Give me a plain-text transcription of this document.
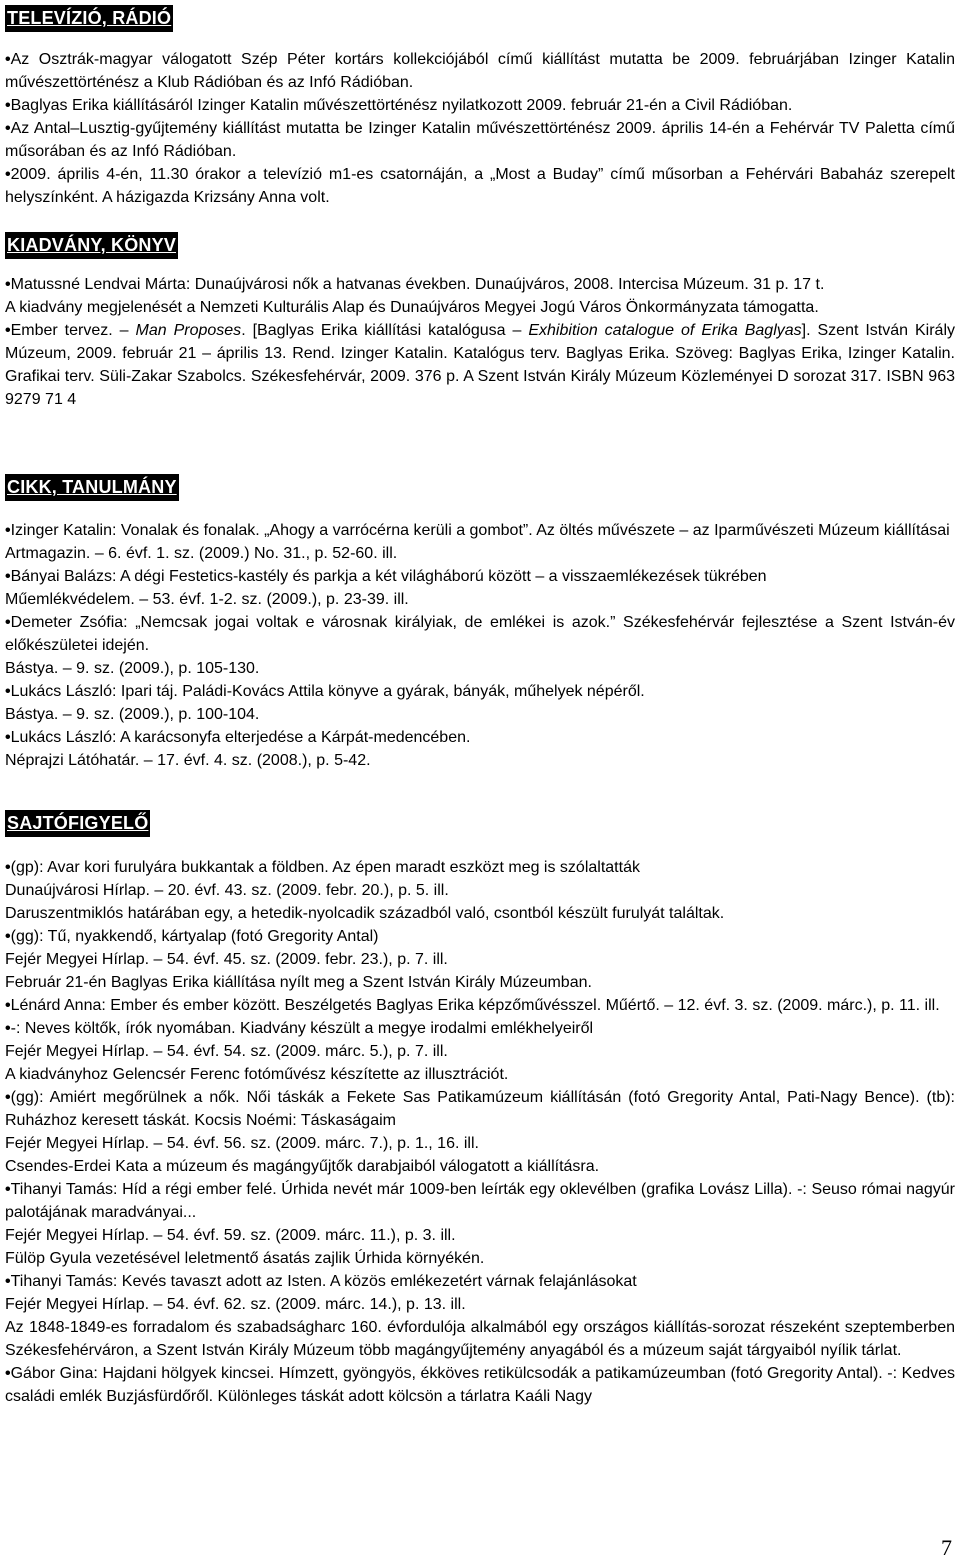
TELEVÍZIÓ, RÁDIÓ

• Az Osztrák-magyar válogatott Szép Péter kortárs kollekciójából című kiállítást mutatta be 2009. februárjában Izinger Katalin művészettörténész a Klub Rádióban és az Infó Rádióban.

• Baglyas Erika kiállításáról Izinger Katalin művészettörténész nyilatkozott 2009. február 21-én a Civil Rádióban.

• Az Antal–Lusztig-gyűjtemény kiállítást mutatta be Izinger Katalin művészettörténész 2009. április 14-én a Fehérvár TV Paletta című műsorában és az Infó Rádióban.

• 2009. április 4-én, 11.30 órakor a televízió m1-es csatornáján, a „Most a Buday” című műsorban a Fehérvári Babaház szerepelt helyszínként. A házigazda Krizsány Anna volt.

KIADVÁNY, KÖNYV

• Matussné Lendvai Márta: Dunaújvárosi nők a hatvanas években. Dunaújváros, 2008. Intercisa Múzeum. 31 p. 17 t.

A kiadvány megjelenését a Nemzeti Kulturális Alap és Dunaújváros Megyei Jogú Város Önkormányzata támogatta.

• Ember tervez. – Man Proposes. [Baglyas Erika kiállítási katalógusa – Exhibition catalogue of Erika Baglyas]. Szent István Király Múzeum, 2009. február 21 – április 13. Rend. Izinger Katalin. Katalógus terv. Baglyas Erika. Szöveg: Baglyas Erika, Izinger Katalin. Grafikai terv. Süli-Zakar Szabolcs. Székesfehérvár, 2009. 376 p. A Szent István Király Múzeum Közleményei D sorozat 317. ISBN 963 9279 71 4

CIKK, TANULMÁNY

• Izinger Katalin: Vonalak és fonalak. „Ahogy a varrócérna kerüli a gombot”. Az öltés művészete – az Iparművészeti Múzeum kiállításai

Artmagazin. – 6. évf. 1. sz. (2009.) No. 31., p. 52-60. ill.

• Bányai Balázs: A dégi Festetics-kastély és parkja a két világháború között – a visszaemlékezések tükrében

Műemlékvédelem. – 53. évf. 1-2. sz. (2009.), p. 23-39. ill.

• Demeter Zsófia: „Nemcsak jogai voltak e városnak királyiak, de emlékei is azok.” Székesfehérvár fejlesztése a Szent István-év előkészületei idején.

Bástya. – 9. sz. (2009.), p. 105-130.

• Lukács László: Ipari táj. Paládi-Kovács Attila könyve a gyárak, bányák, műhelyek népéről.

Bástya. – 9. sz. (2009.), p. 100-104.

• Lukács László: A karácsonyfa elterjedése a Kárpát-medencében.

Néprajzi Látóhatár. – 17. évf. 4. sz. (2008.), p. 5-42.

SAJTÓFIGYELŐ

• (gp): Avar kori furulyára bukkantak a földben. Az épen maradt eszközt meg is szólaltatták

Dunaújvárosi Hírlap. – 20. évf. 43. sz. (2009. febr. 20.), p. 5. ill.

Daruszentmiklós határában egy, a hetedik-nyolcadik századból való, csontból készült furulyát találtak.

• (gg): Tű, nyakkendő, kártyalap (fotó Gregority Antal)

Fejér Megyei Hírlap. – 54. évf. 45. sz. (2009. febr. 23.), p. 7. ill.

Február 21-én Baglyas Erika kiállítása nyílt meg a Szent István Király Múzeumban.

• Lénárd Anna: Ember és ember között. Beszélgetés Baglyas Erika képzőművésszel. Műértő. – 12. évf. 3. sz. (2009. márc.), p. 11. ill.

• -: Neves költők, írók nyomában. Kiadvány készült a megye irodalmi emlékhelyeiről

Fejér Megyei Hírlap. – 54. évf. 54. sz. (2009. márc. 5.), p. 7. ill.

A kiadványhoz Gelencsér Ferenc fotóművész készítette az illusztrációt.

• (gg): Amiért megőrülnek a nők. Női táskák a Fekete Sas Patikamúzeum kiállításán (fotó Gregority Antal, Pati-Nagy Bence). (tb): Ruházhoz keresett táskát. Kocsis Noémi: Táskaságaim

Fejér Megyei Hírlap. – 54. évf. 56. sz. (2009. márc. 7.), p. 1., 16. ill.

Csendes-Erdei Kata a múzeum és magángyűjtők darabjaiból válogatott a kiállításra.

• Tihanyi Tamás: Híd a régi ember felé. Úrhida nevét már 1009-ben leírták egy oklevélben (grafika Lovász Lilla). -: Seuso római nagyúr palotájának maradványai...

Fejér Megyei Hírlap. – 54. évf. 59. sz. (2009. márc. 11.), p. 3. ill.

Fülöp Gyula vezetésével leletmentő ásatás zajlik Úrhida környékén.

• Tihanyi Tamás: Kevés tavaszt adott az Isten. A közös emlékezetért várnak felajánlásokat

Fejér Megyei Hírlap. – 54. évf. 62. sz. (2009. márc. 14.), p. 13. ill.

Az 1848-1849-es forradalom és szabadságharc 160. évfordulója alkalmából egy országos kiállítás-sorozat részeként szeptemberben Székesfehérváron, a Szent István Király Múzeum több magángyűjtemény anyagából és a múzeum saját tárgyaiból nyílik tárlat.

• Gábor Gina: Hajdani hölgyek kincsei. Hímzett, gyöngyös, ékköves retikülcsodák a patikamúzeumban (fotó Gregority Antal). -: Kedves családi emlék Buzjásfürdőről. Különleges táskát adott kölcsön a tárlatra Kaáli Nagy

7
